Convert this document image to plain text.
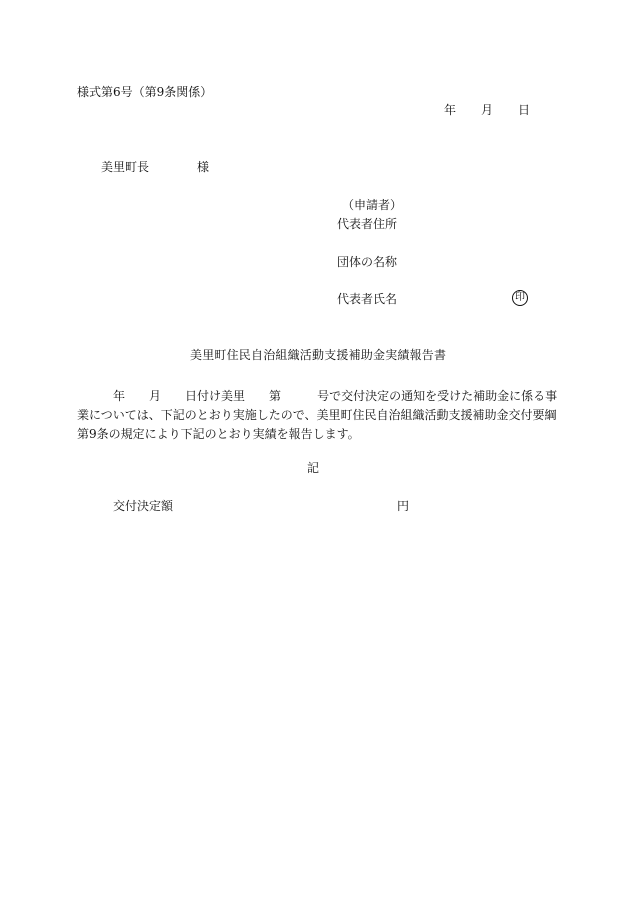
様式第6号（第9条関係）
年 月 日
美里町長	様
（申請者）
代表者住所
団体の名称
代表者氏名	印
美里町住民自治組織活動支援補助金実績報告書
年 月 日付け美里 第	号で交付決定の通知を受けた補助金に係る事
業については、下記のとおり実施したので、美里町住民自治組織活動支援補助金交付要綱
第9条の規定により下記のとおり実績を報告します。
記
交付決定額	円
